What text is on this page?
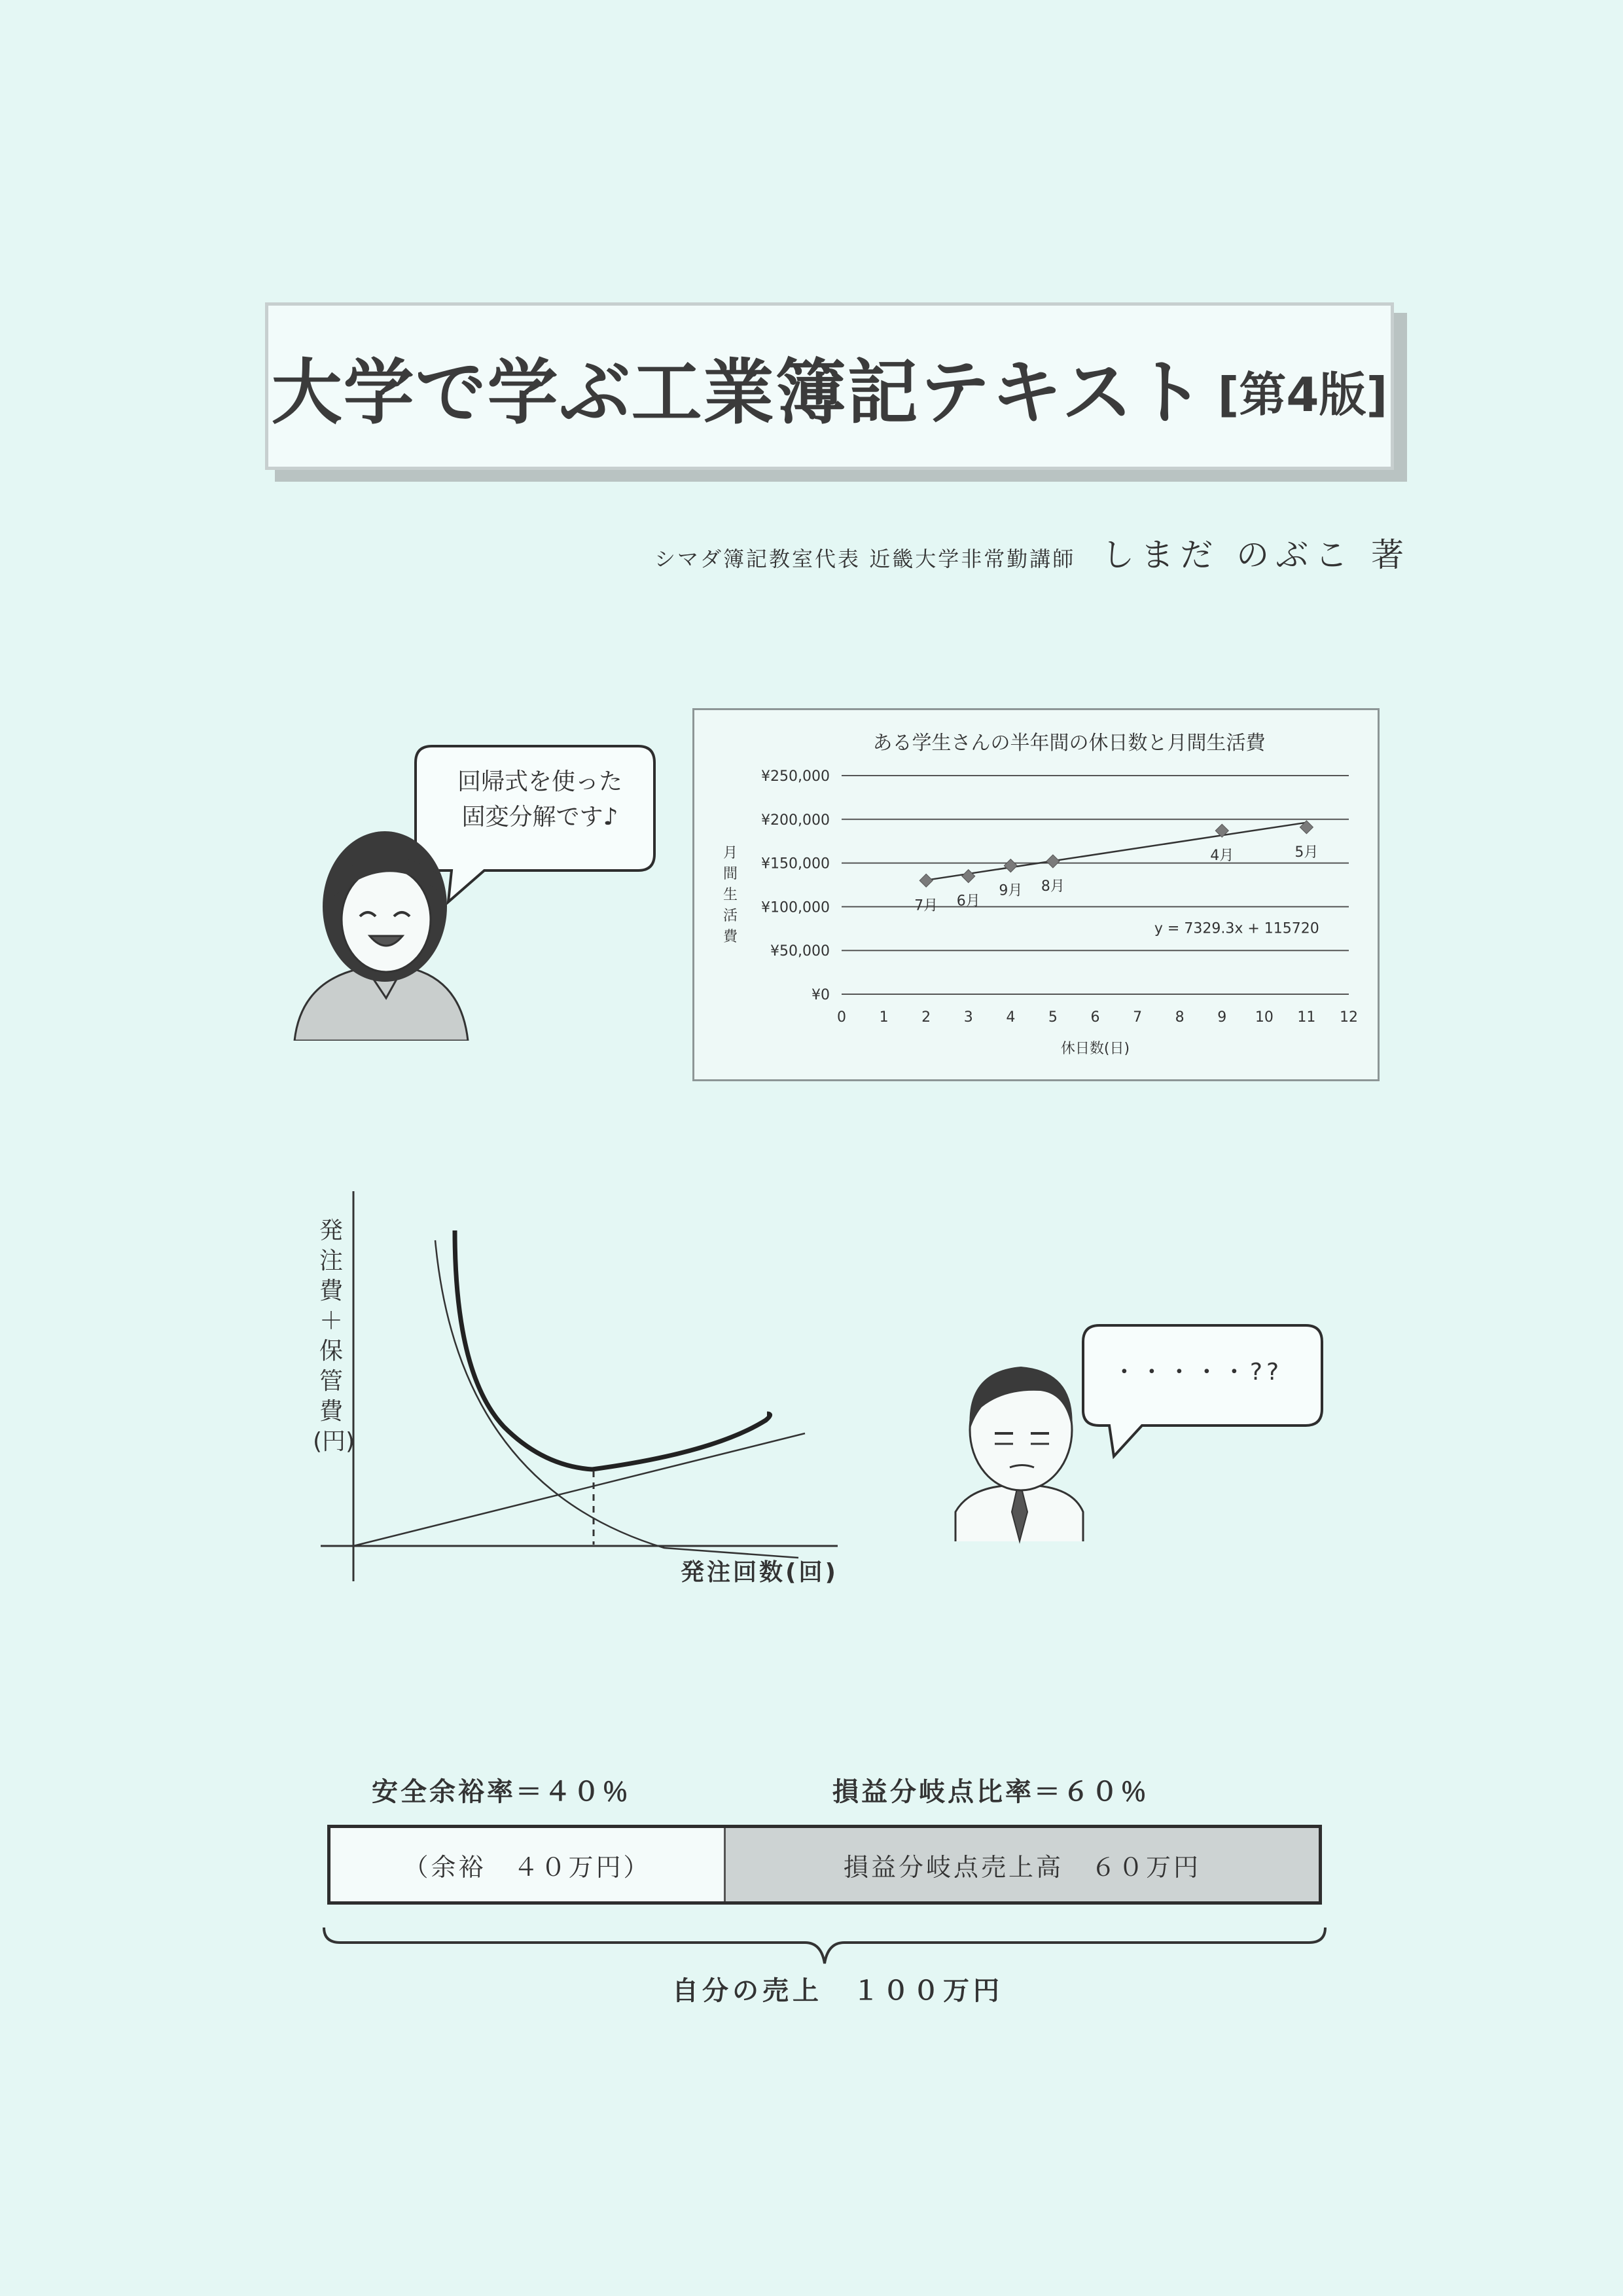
大学で学ぶ工業簿記テキスト [第4版]
シマダ簿記教室代表 近畿大学非常勤講師 しまだ のぶこ 著
回帰式を使った
固変分解です♪
ある学生さんの半年間の休日数と月間生活費
¥0
¥50,000
¥100,000
¥150,000
¥200,000
¥250,000
0 1 2 3 4 5 6 7 8 9 10 11 12
休日数(日)
月
間
生
活
費
y = 7329.3x + 115720
7月 6月
9月 8月
4月	5月
発注費＋保管費(円)
発注回数(回)
・・・・・??
安全余裕率＝４０％	損益分岐点比率＝６０％
（余裕　４０万円）	損益分岐点売上高　６０万円
自分の売上　１００万円
